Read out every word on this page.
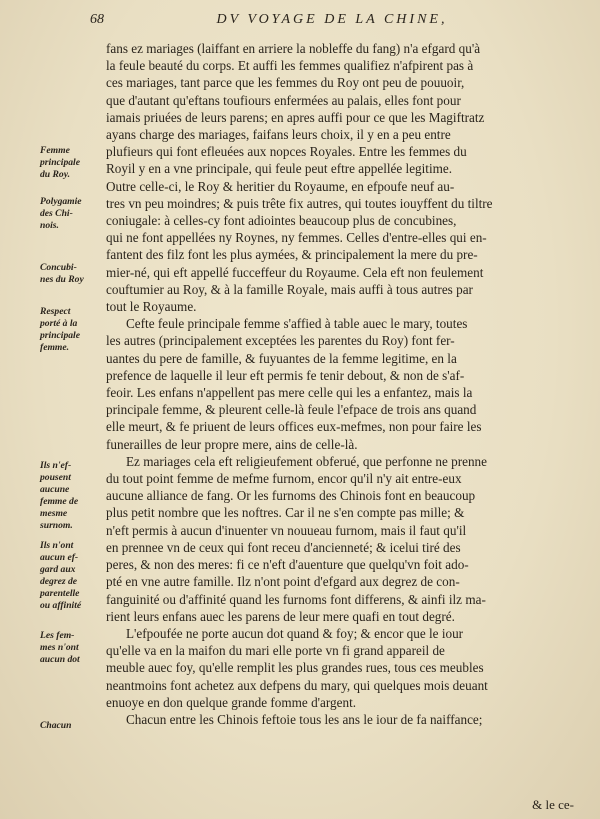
68	DV VOYAGE DE LA CHINE,
Femme
principale
du Roy.
Polygamie
des Chi-
nois.
Concubi-
nes du Roy
Respect
porté à la
principale
femme.
Ils n'ef-
pousent
aucune
femme de
mesme
surnom.
Ils n'ont
aucun ef-
gard aux
degrez de
parentelle
ou affinité
Les fem-
mes n'ont
aucun dot
Chacun

fans ez mariages (laiffant en arriere la nobleffe du fang) n'a efgard qu'à
la feule beauté du corps. Et auffi les femmes qualifiez n'afpirent pas à
ces mariages, tant parce que les femmes du Roy ont peu de pouuoir,
que d'autant qu'eftans toufiours enfermées au palais, elles font pour
iamais priuées de leurs parens; en apres auffi pour ce que les Magiftratz
ayans charge des mariages, faifans leurs choix, il y en a peu entre
plufieurs qui font efleuées aux nopces Royales. Entre les femmes du
Royil y en a vne principale, qui feule peut eftre appellée legitime.
Outre celle-ci, le Roy & heritier du Royaume, en efpoufe neuf au-
tres vn peu moindres; & puis trête fix autres, qui toutes iouyffent du tiltre
coniugale: à celles-cy font adiointes beaucoup plus de concubines,
qui ne font appellées ny Roynes, ny femmes. Celles d'entre-elles qui en-
fantent des filz font les plus aymées, & principalement la mere du pre-
mier-né, qui eft appellé fucceffeur du Royaume. Cela eft non feulement
couftumier au Roy, & à la famille Royale, mais auffi à tous autres par
tout le Royaume.

Cefte feule principale femme s'affied à table auec le mary, toutes
les autres (principalement exceptées les parentes du Roy) font fer-
uantes du pere de famille, & fuyuantes de la femme legitime, en la
prefence de laquelle il leur eft permis fe tenir debout, & non de s'af-
feoir. Les enfans n'appellent pas mere celle qui les a enfantez, mais la
principale femme, & pleurent celle-là feule l'efpace de trois ans quand
elle meurt, & fe priuent de leurs offices eux-mefmes, non pour faire les
funerailles de leur propre mere, ains de celle-là.

Ez mariages cela eft religieufement obferué, que perfonne ne prenne
du tout point femme de mefme furnom, encor qu'il n'y ait entre-eux
aucune alliance de fang. Or les furnoms des Chinois font en beaucoup
plus petit nombre que les noftres. Car il ne s'en compte pas mille; &
n'eft permis à aucun d'inuenter vn nouueau furnom, mais il faut qu'il
en prennee vn de ceux qui font receu d'ancienneté; & icelui tiré des
peres, & non des meres: fi ce n'eft d'auenture que quelqu'vn foit ado-
pté en vne autre famille. Ilz n'ont point d'efgard aux degrez de con-
fanguinité ou d'affinité quand les furnoms font differens, & ainfi ilz ma-
rient leurs enfans auec les parens de leur mere quafi en tout degré.

L'efpoufée ne porte aucun dot quand & foy; & encor que le iour
qu'elle va en la maifon du mari elle porte vn fi grand appareil de
meuble auec foy, qu'elle remplit les plus grandes rues, tous ces meubles
neantmoins font achetez aux defpens du mary, qui quelques mois deuant
enuoye en don quelque grande fomme d'argent.

Chacun entre les Chinois feftoie tous les ans le iour de fa naiffance;

& le ce-
